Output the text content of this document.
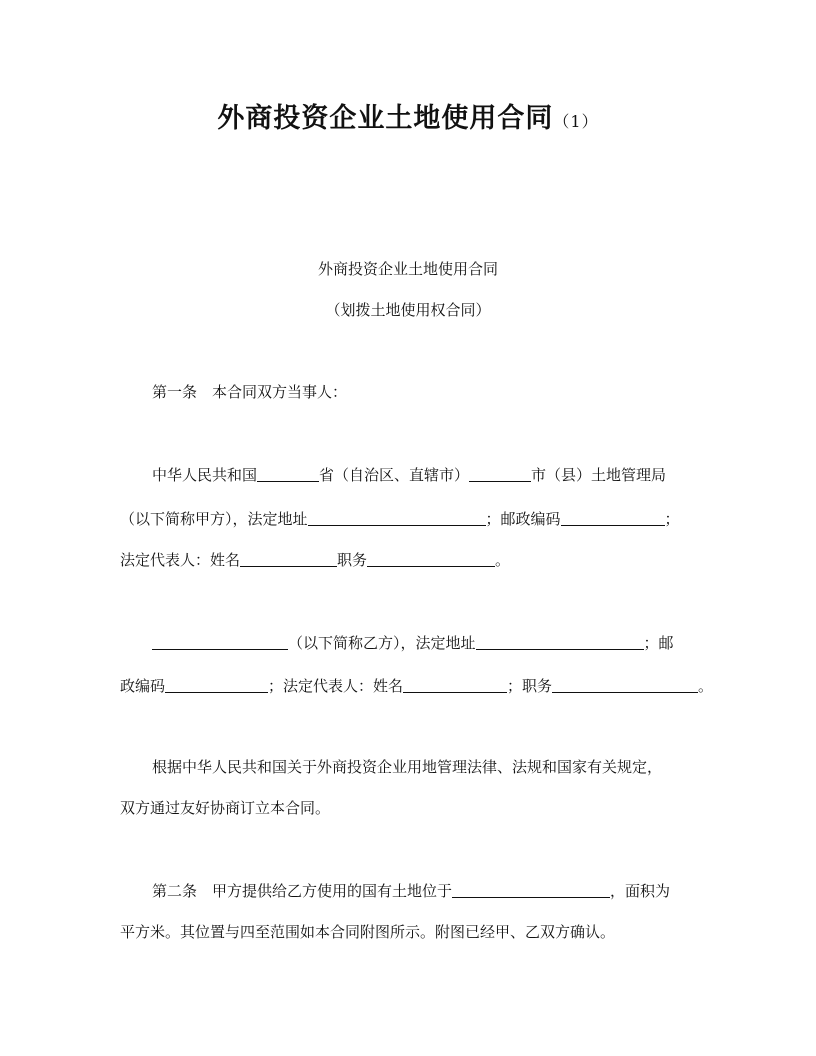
外商投资企业土地使用合同（1）
外商投资企业土地使用合同
（划拨土地使用权合同）
第一条　本合同双方当事人：
中华人民共和国	省（自治区、直辖市）	市（县）土地管理局
（以下简称甲方），法定地址	；邮政编码	；
法定代表人：姓名	职务	。
（以下简称乙方），法定地址	；邮
政编码	；法定代表人：姓名	；职务	。
根据中华人民共和国关于外商投资企业用地管理法律、法规和国家有关规定，
双方通过友好协商订立本合同。
第二条　甲方提供给乙方使用的国有土地位于	，面积为
平方米。其位置与四至范围如本合同附图所示。附图已经甲、乙双方确认。
